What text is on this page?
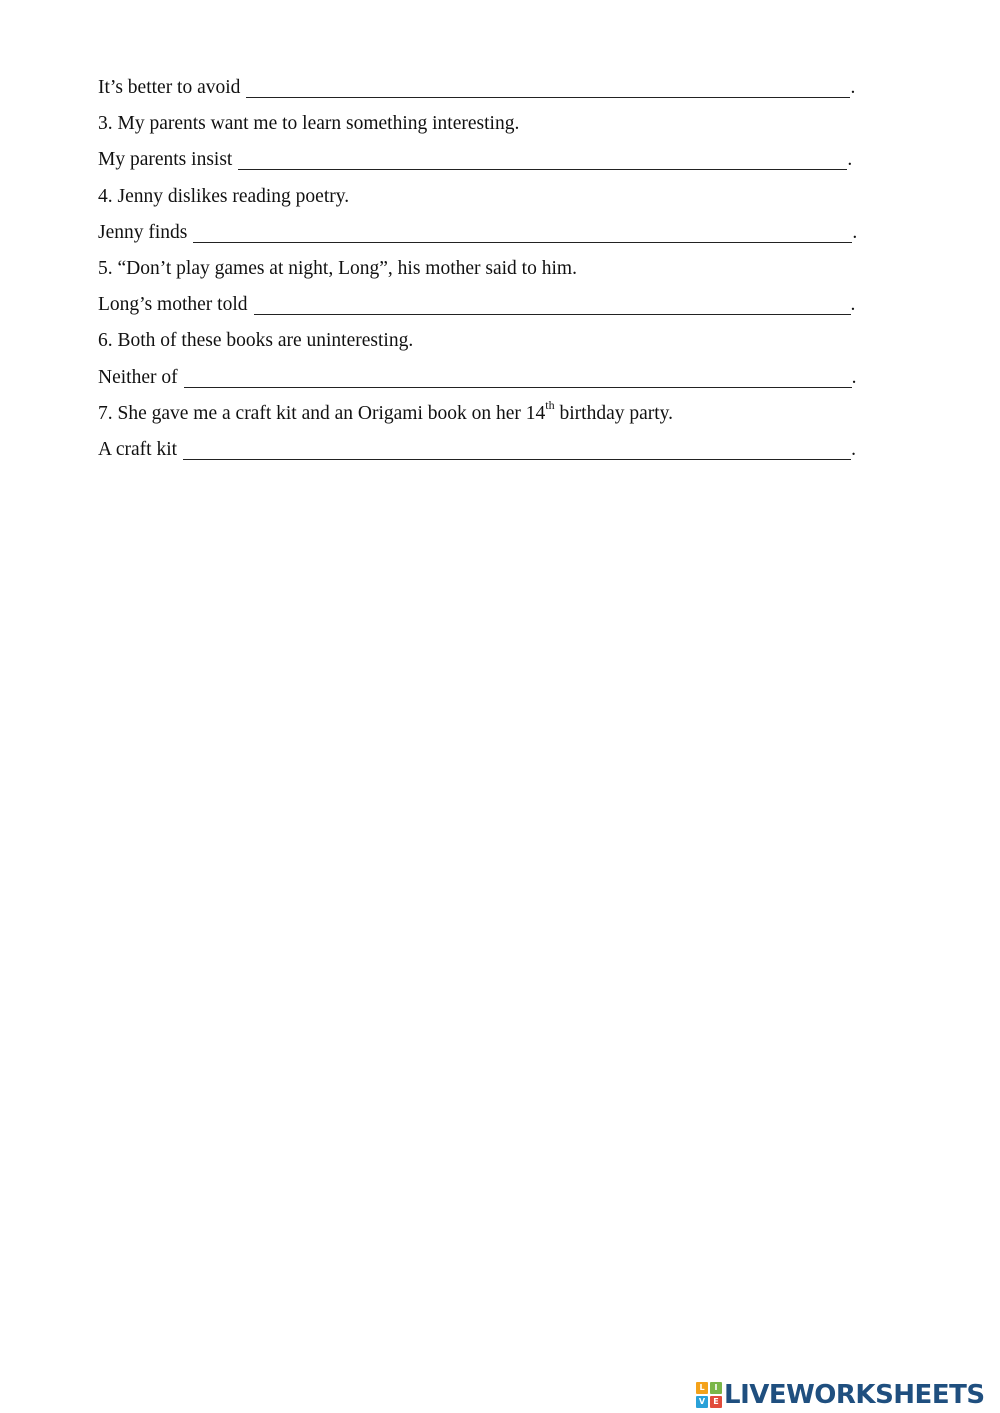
It’s better to avoid	.
3. My parents want me to learn something interesting.
My parents insist	.
4. Jenny dislikes reading poetry.
Jenny finds	.
5. “Don’t play games at night, Long”, his mother said to him.
Long’s mother told	.
6. Both of these books are uninteresting.
Neither of	.
7. She gave me a craft kit and an Origami book on her 14th birthday party.
A craft kit	.
L	I
V	E LIVEWORKSHEETS
